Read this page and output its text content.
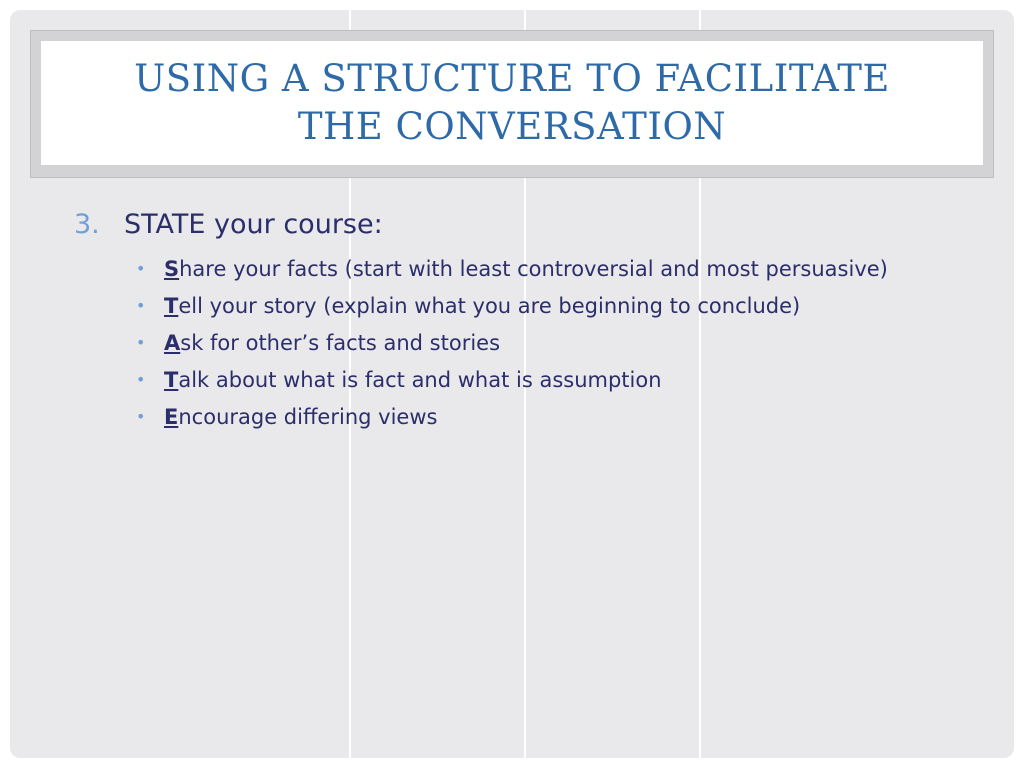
USING A STRUCTURE TO FACILITATE
THE CONVERSATION
3. STATE your course:
• Share your facts (start with least controversial and most persuasive)
• Tell your story (explain what you are beginning to conclude)
• Ask for other’s facts and stories
• Talk about what is fact and what is assumption
• Encourage differing views
